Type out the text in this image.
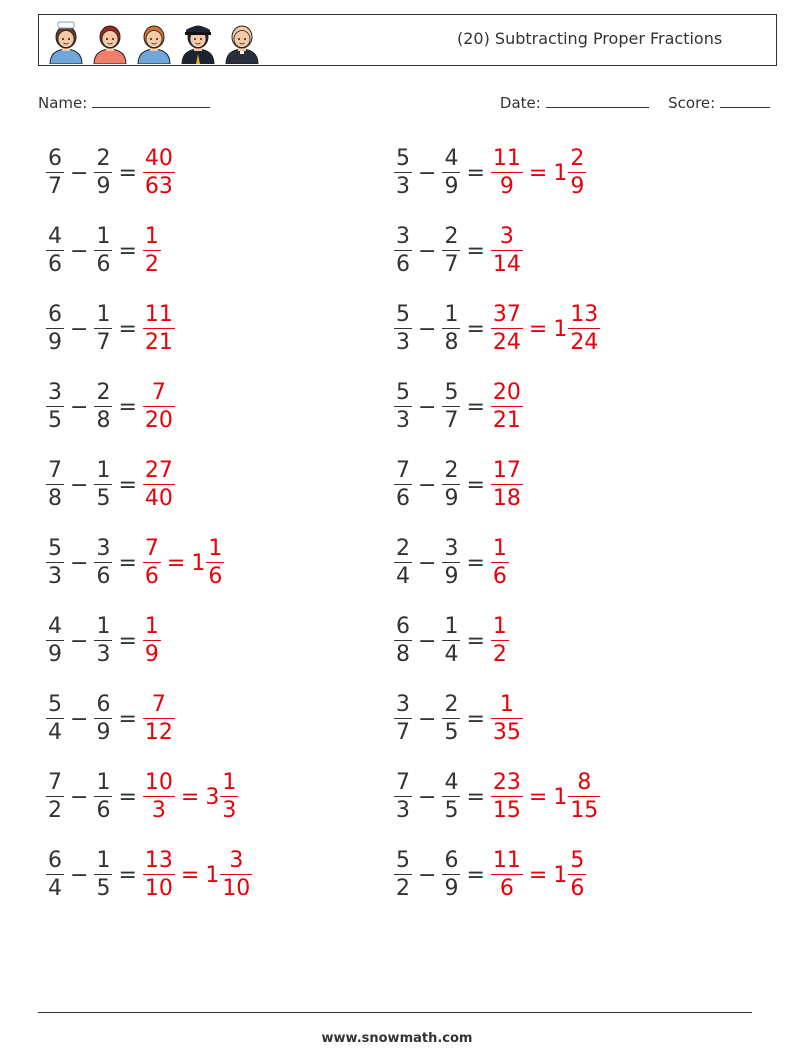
(20) Subtracting Proper Fractions
Name:	Date:	Score:
$\frac{6}{7} - \frac{2}{9} = \frac{40}{63}$	$\frac{5}{3} - \frac{4}{9} = \frac{11}{9} = 1 \frac{2}{9}$
$\frac{4}{6} - \frac{1}{6} = \frac{1}{2}$	$\frac{3}{6} - \frac{2}{7} = \frac{3}{14}$
$\frac{6}{9} - \frac{1}{7} = \frac{11}{21}$	$\frac{5}{3} - \frac{1}{8} = \frac{37}{24} = 1 \frac{13}{24}$
$\frac{3}{5} - \frac{2}{8} = \frac{7}{20}$	$\frac{5}{3} - \frac{5}{7} = \frac{20}{21}$
$\frac{7}{8} - \frac{1}{5} = \frac{27}{40}$	$\frac{7}{6} - \frac{2}{9} = \frac{17}{18}$
$\frac{5}{3} - \frac{3}{6} = \frac{7}{6} = 1 \frac{1}{6}$	$\frac{2}{4} - \frac{3}{9} = \frac{1}{6}$
$\frac{4}{9} - \frac{1}{3} = \frac{1}{9}$	$\frac{6}{8} - \frac{1}{4} = \frac{1}{2}$
$\frac{5}{4} - \frac{6}{9} = \frac{7}{12}$	$\frac{3}{7} - \frac{2}{5} = \frac{1}{35}$
$\frac{7}{2} - \frac{1}{6} = \frac{10}{3} = 3 \frac{1}{3}$	$\frac{7}{3} - \frac{4}{5} = \frac{23}{15} = 1 \frac{8}{15}$
$\frac{6}{4} - \frac{1}{5} = \frac{13}{10} = 1 \frac{3}{10}$	$\frac{5}{2} - \frac{6}{9} = \frac{11}{6} = 1 \frac{5}{6}$
www.snowmath.com
